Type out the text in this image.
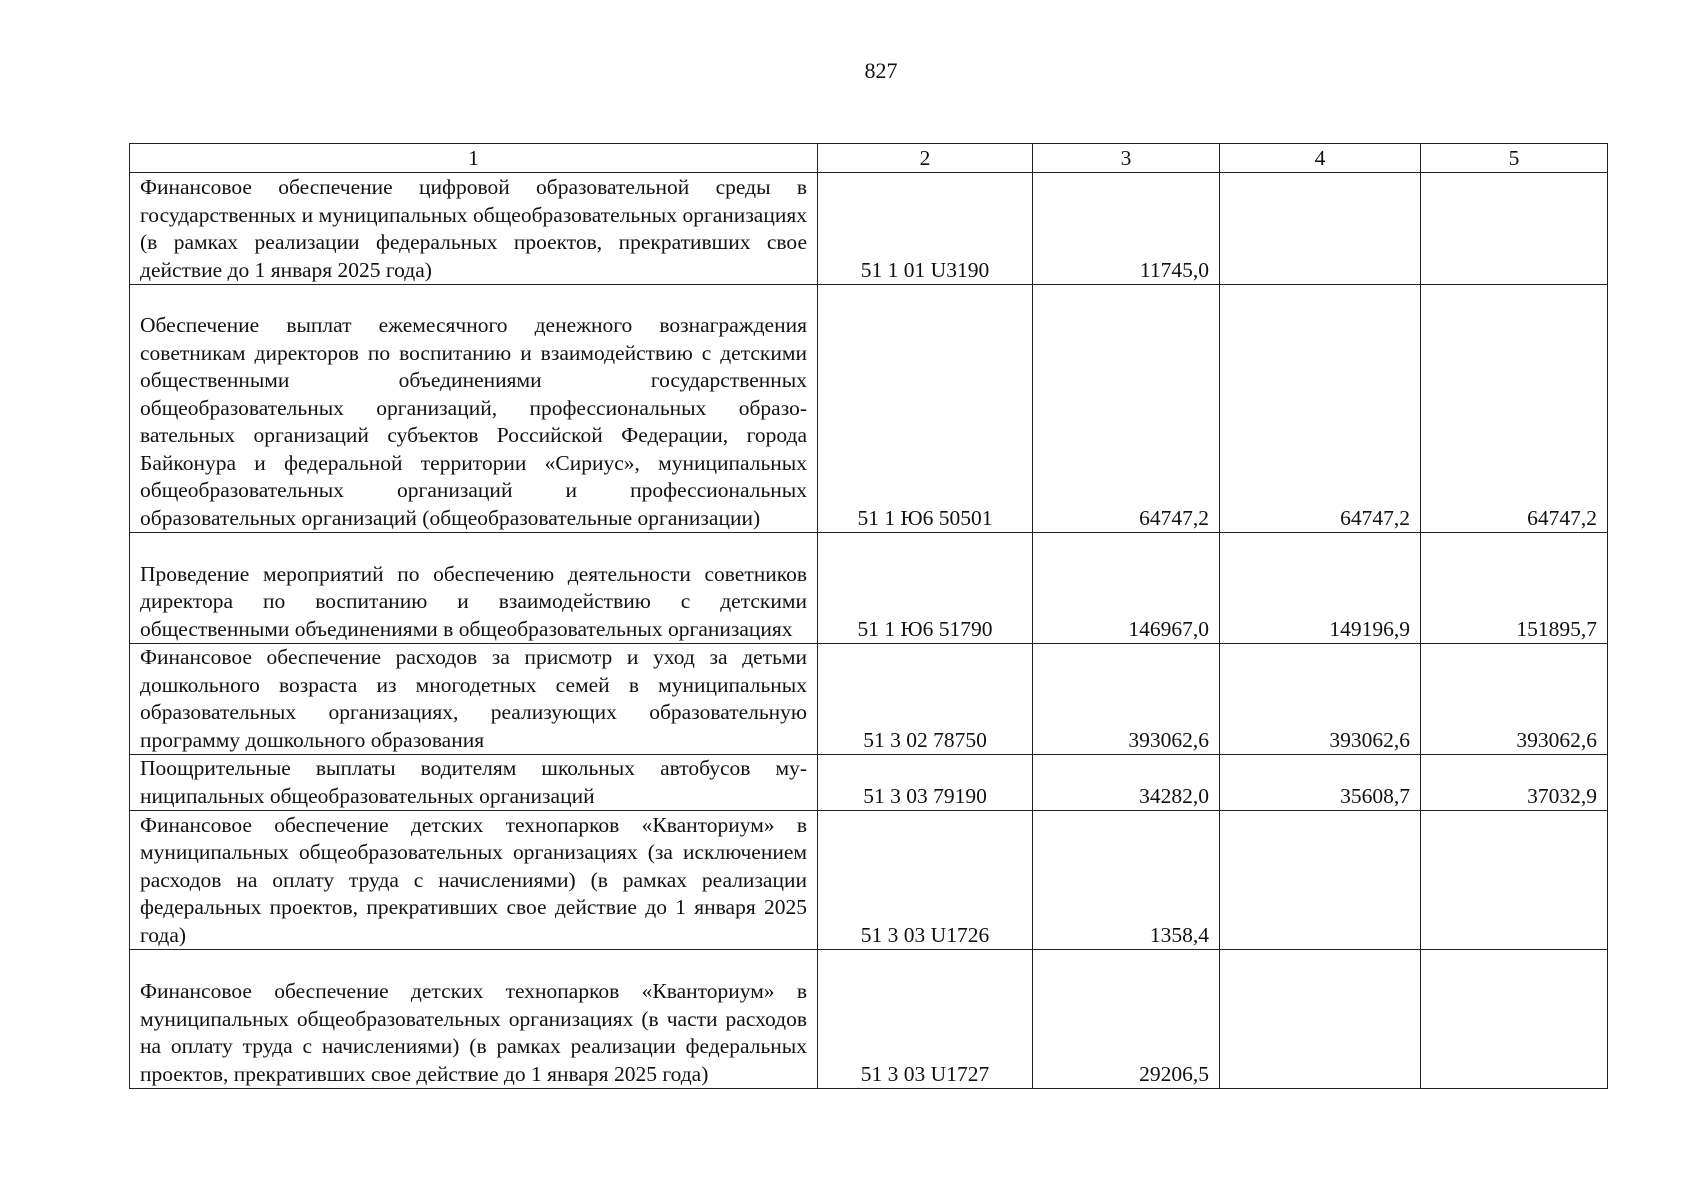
827
1	2	3	4	5
Финансовое обеспечение цифровой образовательной среды в государственных и муниципальных общеобразовательных организациях (в рамках реализации федеральных проектов, прекративших свое действие до 1 января 2025 года)	51 1 01 U3190	11745,0		
Обеспечение выплат ежемесячного денежного вознаграждения советникам директоров по воспитанию и взаимодействию с детскими общественными объединениями государственных общеобразовательных организаций, профессиональных образовательных организаций субъектов Российской Федерации, города Байконура и федеральной территории «Сириус», муниципальных общеобразовательных организаций и профессиональных образовательных организаций (общеобразовательные организации)	51 1 Ю6 50501	64747,2	64747,2	64747,2
Проведение мероприятий по обеспечению деятельности советников директора по воспитанию и взаимодействию с детскими общественными объединениями в общеобразовательных организациях	51 1 Ю6 51790	146967,0	149196,9	151895,7
Финансовое обеспечение расходов за присмотр и уход за детьми дошкольного возраста из многодетных семей в муниципальных образовательных организациях, реализующих образовательную программу дошкольного образования	51 3 02 78750	393062,6	393062,6	393062,6
Поощрительные выплаты водителям школьных автобусов муниципальных общеобразовательных организаций	51 3 03 79190	34282,0	35608,7	37032,9
Финансовое обеспечение детских технопарков «Кванториум» в муниципальных общеобразовательных организациях (за исключением расходов на оплату труда с начислениями) (в рамках реализации федеральных проектов, прекративших свое действие до 1 января 2025 года)	51 3 03 U1726	1358,4		
Финансовое обеспечение детских технопарков «Кванториум» в муниципальных общеобразовательных организациях (в части расходов на оплату труда с начислениями) (в рамках реализации федеральных проектов, прекративших свое действие до 1 января 2025 года)	51 3 03 U1727	29206,5		
